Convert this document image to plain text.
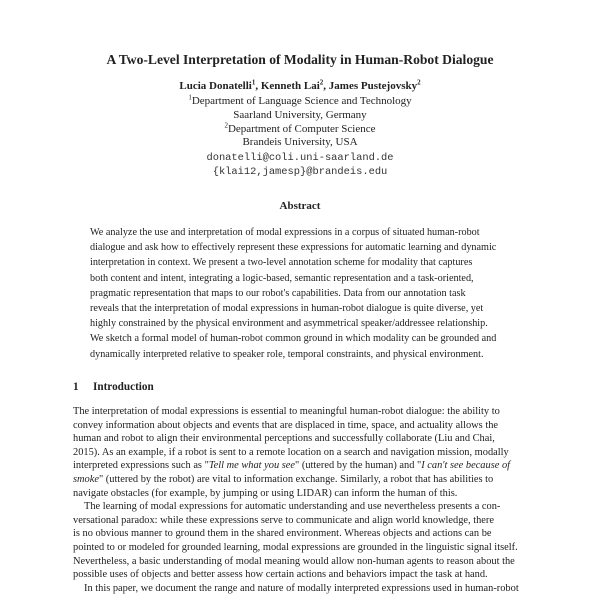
A Two-Level Interpretation of Modality in Human-Robot Dialogue
Lucia Donatelli$^1$, Kenneth Lai$^2$, James Pustejovsky$^2$
$^1$Department of Language Science and Technology
Saarland University, Germany
$^2$Department of Computer Science
Brandeis University, USA
donatelli@coli.uni-saarland.de
{klai12,jamesp}@brandeis.edu
Abstract
We analyze the use and interpretation of modal expressions in a corpus of situated human-robot
dialogue and ask how to effectively represent these expressions for automatic learning and dynamic
interpretation in context. We present a two-level annotation scheme for modality that captures
both content and intent, integrating a logic-based, semantic representation and a task-oriented,
pragmatic representation that maps to our robot's capabilities. Data from our annotation task
reveals that the interpretation of modal expressions in human-robot dialogue is quite diverse, yet
highly constrained by the physical environment and asymmetrical speaker/addressee relationship.
We sketch a formal model of human-robot common ground in which modality can be grounded and
dynamically interpreted relative to speaker role, temporal constraints, and physical environment.
1 Introduction
The interpretation of modal expressions is essential to meaningful human-robot dialogue: the ability to
convey information about objects and events that are displaced in time, space, and actuality allows the
human and robot to align their environmental perceptions and successfully collaborate (Liu and Chai,
2015). As an example, if a robot is sent to a remote location on a search and navigation mission, modally
interpreted expressions such as "Tell me what you see" (uttered by the human) and "I can't see because of
smoke" (uttered by the robot) are vital to information exchange. Similarly, a robot that has abilities to
navigate obstacles (for example, by jumping or using LIDAR) can inform the human of this.
The learning of modal expressions for automatic understanding and use nevertheless presents a con-
versational paradox: while these expressions serve to communicate and align world knowledge, there
is no obvious manner to ground them in the shared environment. Whereas objects and actions can be
pointed to or modeled for grounded learning, modal expressions are grounded in the linguistic signal itself.
Nevertheless, a basic understanding of modal meaning would allow non-human agents to reason about the
possible uses of objects and better assess how certain actions and behaviors impact the task at hand.
In this paper, we document the range and nature of modally interpreted expressions used in human-robot
